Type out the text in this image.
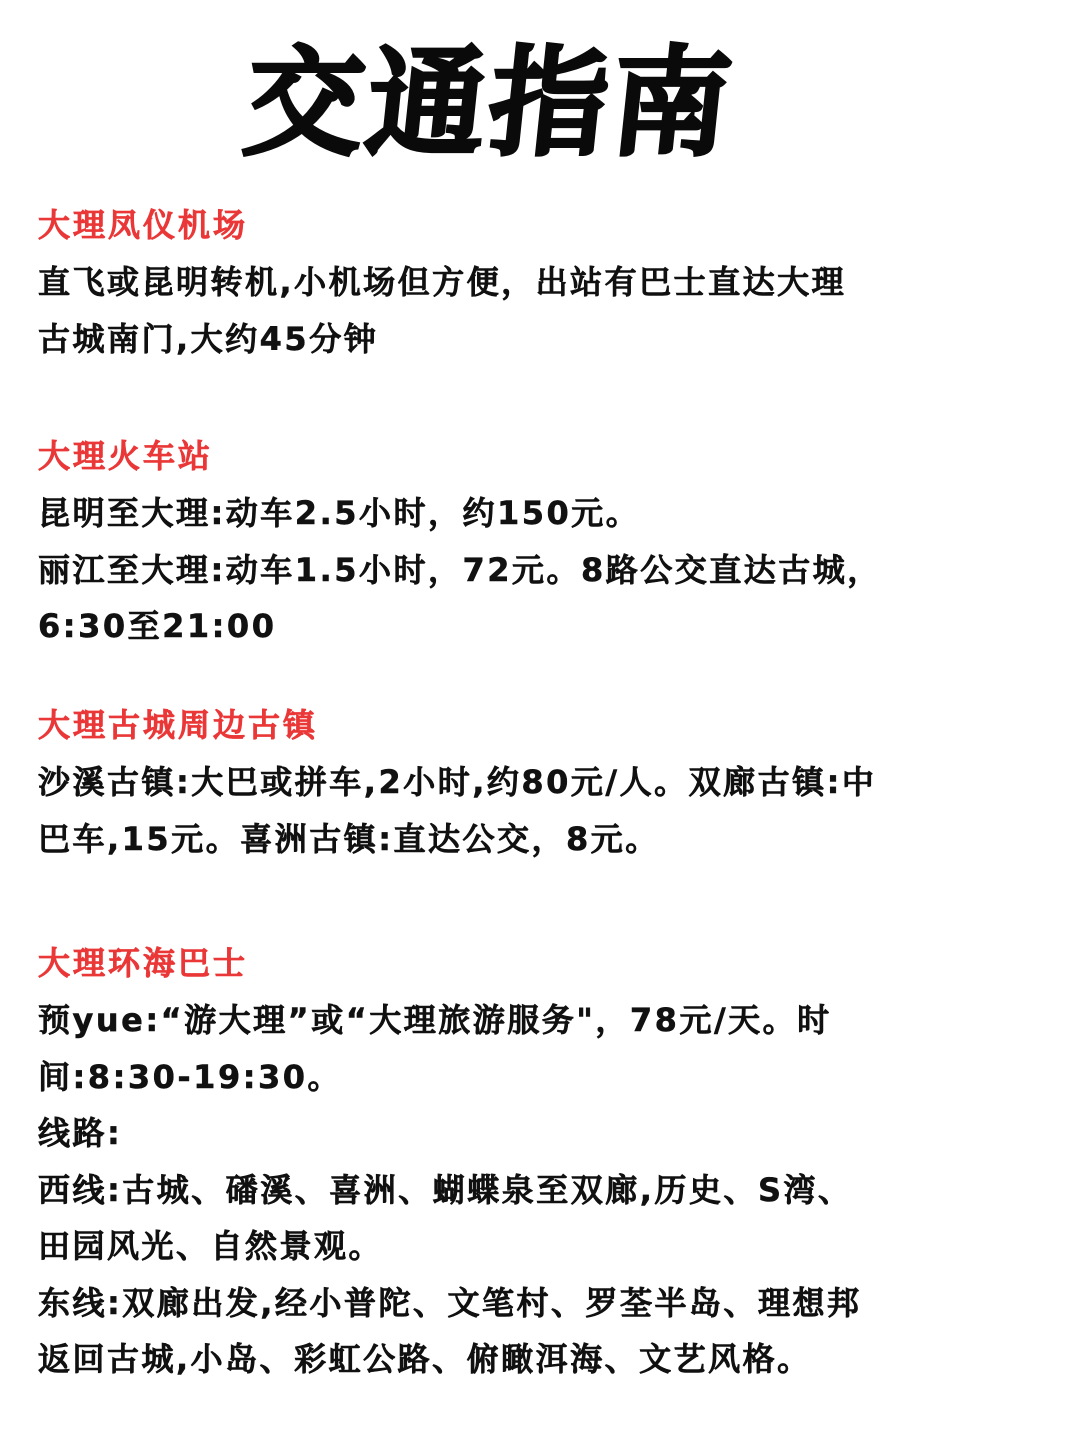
交通指南
大理凤仪机场
直飞或昆明转机,小机场但方便，出站有巴士直达大理
古城南门,大约45分钟
大理火车站
昆明至大理:动车2.5小时，约150元。
丽江至大理:动车1.5小时，72元。8路公交直达古城，
6:30至21:00
大理古城周边古镇
沙溪古镇:大巴或拼车,2小时,约80元/人。双廊古镇:中
巴车,15元。喜洲古镇:直达公交，8元。
大理环海巴士
预yue:“游大理”或“大理旅游服务"，78元/天。时
间:8:30-19:30。
线路:
西线:古城、磻溪、喜洲、蝴蝶泉至双廊,历史、S湾、
田园风光、自然景观。
东线:双廊出发,经小普陀、文笔村、罗荃半岛、理想邦
返回古城,小岛、彩虹公路、俯瞰洱海、文艺风格。
